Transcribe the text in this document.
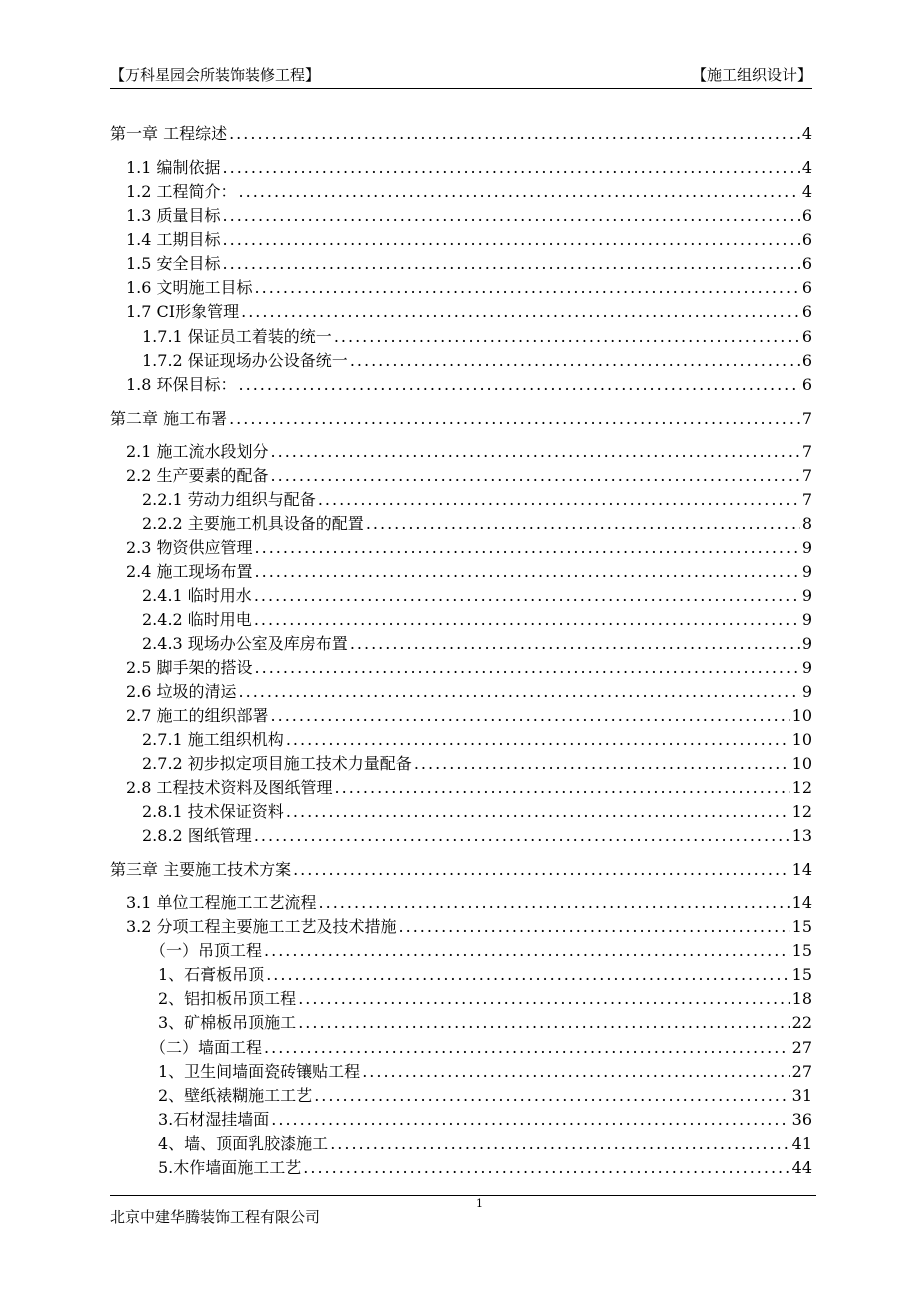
【万科星园会所装饰装修工程】	【施工组织设计】
第一章 工程综述 .....	4
1.1 编制依据 .....	4
1.2 工程简介： .....	4
1.3 质量目标 .....	6
1.4 工期目标 .....	6
1.5 安全目标 .....	6
1.6 文明施工目标 .....	6
1.7 CI形象管理 .....	6
1.7.1 保证员工着装的统一 .....	6
1.7.2 保证现场办公设备统一 .....	6
1.8 环保目标： .....	6
第二章 施工布署 .....	7
2.1 施工流水段划分 .....	7
2.2 生产要素的配备 .....	7
2.2.1 劳动力组织与配备 .....	7
2.2.2 主要施工机具设备的配置 .....	8
2.3 物资供应管理 .....	9
2.4 施工现场布置 .....	9
2.4.1 临时用水 .....	9
2.4.2 临时用电 .....	9
2.4.3 现场办公室及库房布置 .....	9
2.5 脚手架的搭设 .....	9
2.6 垃圾的清运 .....	9
2.7 施工的组织部署 .....	10
2.7.1 施工组织机构 .....	10
2.7.2 初步拟定项目施工技术力量配备 .....	10
2.8 工程技术资料及图纸管理 .....	12
2.8.1 技术保证资料 .....	12
2.8.2 图纸管理 .....	13
第三章 主要施工技术方案 .....	14
3.1 单位工程施工工艺流程 .....	14
3.2 分项工程主要施工工艺及技术措施 .....	15
（一）吊顶工程 .....	15
1、石膏板吊顶 .....	15
2、铝扣板吊顶工程 .....	18
3、矿棉板吊顶施工 .....	22
（二）墙面工程 .....	27
1、卫生间墙面瓷砖镶贴工程 .....	27
2、壁纸裱糊施工工艺 .....	31
3.石材湿挂墙面 .....	36
4、墙、顶面乳胶漆施工 .....	41
5.木作墙面施工工艺 .....	44
1
北京中建华腾装饰工程有限公司
